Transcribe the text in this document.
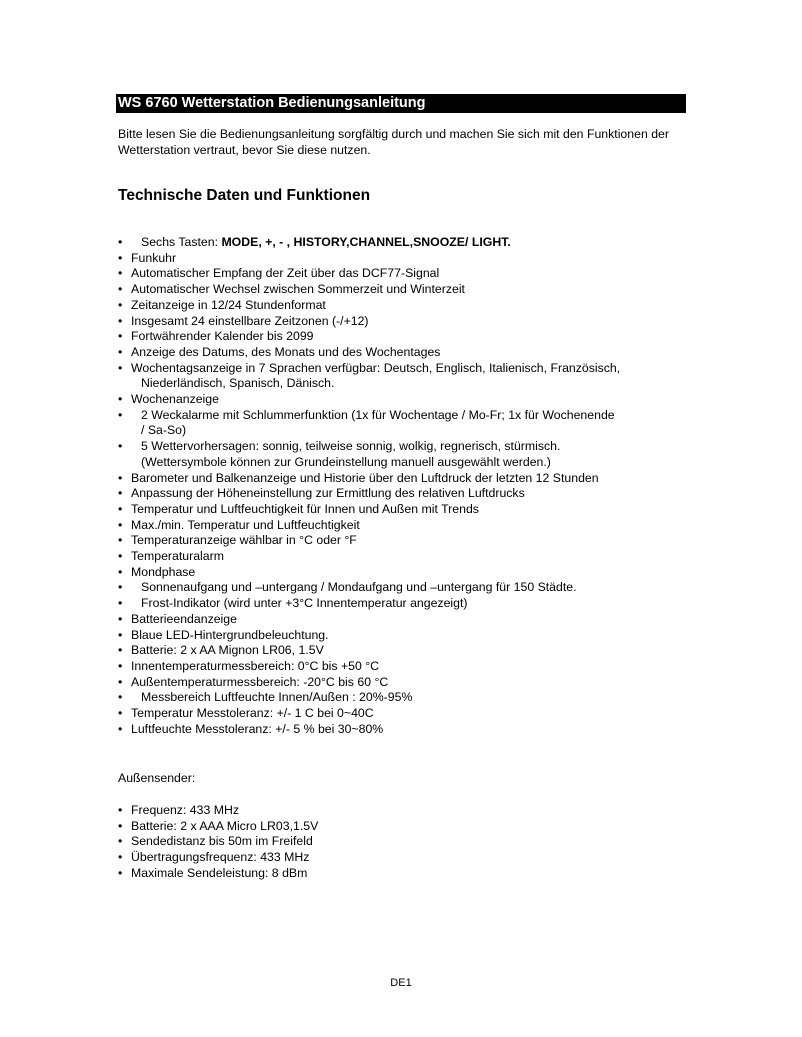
WS 6760 Wetterstation Bedienungsanleitung
Bitte lesen Sie die Bedienungsanleitung sorgfältig durch und machen Sie sich mit den Funktionen der Wetterstation vertraut, bevor Sie diese nutzen.
Technische Daten und Funktionen
• Sechs Tasten: MODE, +, - , HISTORY,CHANNEL,SNOOZE/ LIGHT.
• Funkuhr
• Automatischer Empfang der Zeit über das DCF77-Signal
• Automatischer Wechsel zwischen Sommerzeit und Winterzeit
• Zeitanzeige in 12/24 Stundenformat
• Insgesamt 24 einstellbare Zeitzonen (-/+12)
• Fortwährender Kalender bis 2099
• Anzeige des Datums, des Monats und des Wochentages
• Wochentagsanzeige in 7 Sprachen verfügbar: Deutsch, Englisch, Italienisch, Französisch,
Niederländisch, Spanisch, Dänisch.
• Wochenanzeige
• 2 Weckalarme mit Schlummerfunktion (1x für Wochentage / Mo-Fr; 1x für Wochenende
/ Sa-So)
• 5 Wettervorhersagen: sonnig, teilweise sonnig, wolkig, regnerisch, stürmisch.
(Wettersymbole können zur Grundeinstellung manuell ausgewählt werden.)
• Barometer und Balkenanzeige und Historie über den Luftdruck der letzten 12 Stunden
• Anpassung der Höheneinstellung zur Ermittlung des relativen Luftdrucks
• Temperatur und Luftfeuchtigkeit für Innen und Außen mit Trends
• Max./min. Temperatur und Luftfeuchtigkeit
• Temperaturanzeige wählbar in °C oder °F
• Temperaturalarm
• Mondphase
• Sonnenaufgang und –untergang / Mondaufgang und –untergang für 150 Städte.
• Frost-Indikator (wird unter +3°C Innentemperatur angezeigt)
• Batterieendanzeige
• Blaue LED-Hintergrundbeleuchtung.
• Batterie: 2 x AA Mignon LR06, 1.5V
• Innentemperaturmessbereich: 0°C bis +50 °C
• Außentemperaturmessbereich: -20°C bis 60 °C
• Messbereich Luftfeuchte Innen/Außen : 20%-95%
• Temperatur Messtoleranz: +/- 1 C bei 0~40C
• Luftfeuchte Messtoleranz: +/- 5 % bei 30~80%
Außensender:
• Frequenz: 433 MHz
• Batterie: 2 x AAA Micro LR03,1.5V
• Sendedistanz bis 50m im Freifeld
• Übertragungsfrequenz: 433 MHz
• Maximale Sendeleistung: 8 dBm
DE1
